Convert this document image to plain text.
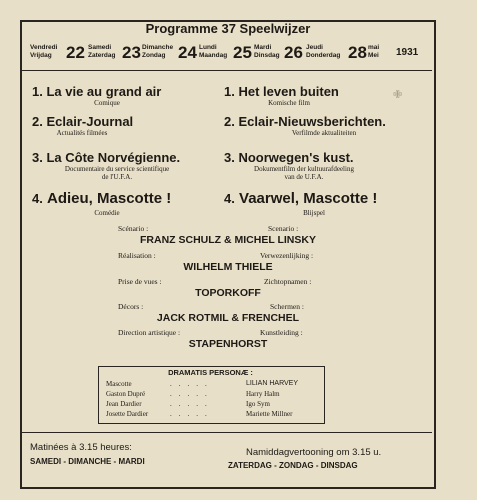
Programme 37 Speelwijzer
Vendredi
Vrijdag 22 Samedi
Zaterdag 23 Dimanche
Zondag 24 Lundi
Maandag 25 Mardi
Dinsdag 26 Jeudi
Donderdag 28 mai
Mei 1931
✙
1. La vie au grand air
Comique
2. Eclair-Journal
Actualités filmées
3. La Côte Norvégienne.
Documentaire du service scientifique
de l'U.F.A.
4. Adieu, Mascotte !
Comédie
1. Het leven buiten
Komische film
2. Eclair-Nieuwsberichten.
Verfilmde aktualiteiten
3. Noorwegen's kust.
Dokumentfilm der kultuurafdeeling
van de U.F.A.
4. Vaarwel, Mascotte !
Blijspel
Scénario :	Scenario :
FRANZ SCHULZ & MICHEL LINSKY
Réalisation :	Verwezenlijking :
WILHELM THIELE
Prise de vues :	Zichtopnamen :
TOPORKOFF
Décors :	Schermen :
JACK ROTMIL & FRENCHEL
Direction artistique :	Kunstleiding :
STAPENHORST
DRAMATIS PERSONÆ :
Mascotte	.    .    .    .    .	LILIAN HARVEY
Gaston Dupré	.    .    .    .    .	Harry Halm
Jean Dardier	.    .    .    .    .	Igo Sym
Josette Dardier	.    .    .    .    .	Mariette Millner
Matinées à 3.15 heures:
SAMEDI - DIMANCHE - MARDI
Namiddagvertooning om 3.15 u.
ZATERDAG - ZONDAG - DINSDAG
